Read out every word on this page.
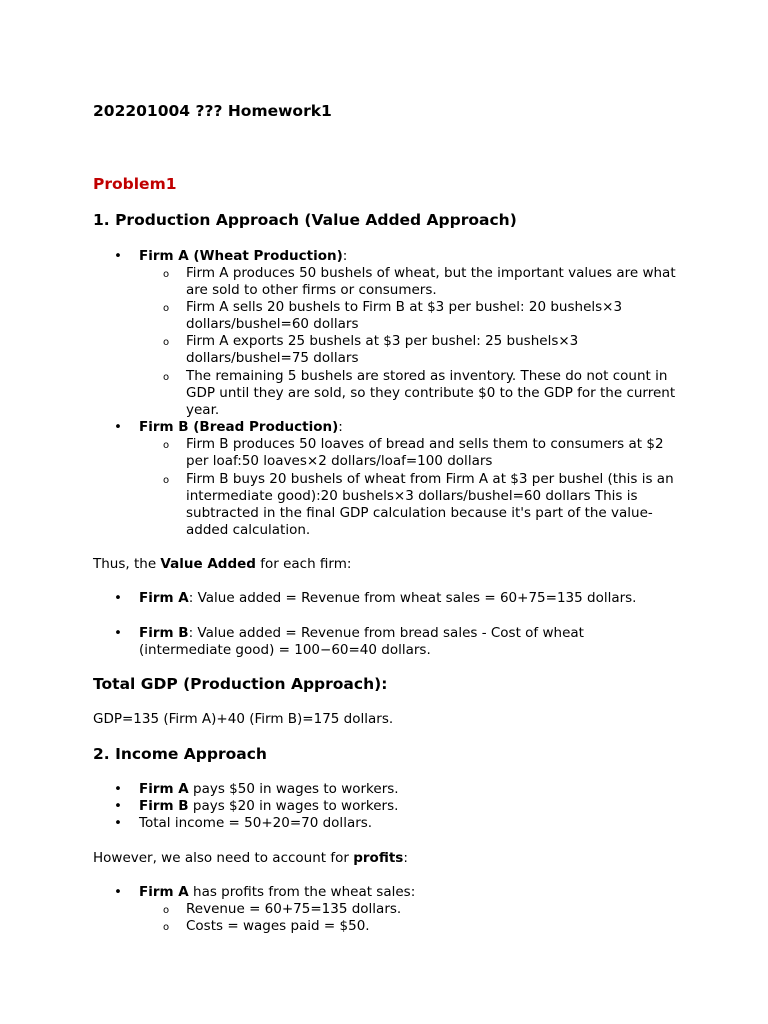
202201004 ??? Homework1
Problem1
1. Production Approach (Value Added Approach)
• Firm A (Wheat Production):
o Firm A produces 50 bushels of wheat, but the important values are what are sold to other firms or consumers.
o Firm A sells 20 bushels to Firm B at $3 per bushel: 20 bushels×3 dollars/bushel=60 dollars
o Firm A exports 25 bushels at $3 per bushel: 25 bushels×3 dollars/bushel=75 dollars
o The remaining 5 bushels are stored as inventory. These do not count in GDP until they are sold, so they contribute $0 to the GDP for the current year.
• Firm B (Bread Production):
o Firm B produces 50 loaves of bread and sells them to consumers at $2 per loaf:50 loaves×2 dollars/loaf=100 dollars
o Firm B buys 20 bushels of wheat from Firm A at $3 per bushel (this is an intermediate good):20 bushels×3 dollars/bushel=60 dollars This is subtracted in the final GDP calculation because it's part of the value-added calculation.
Thus, the Value Added for each firm:
• Firm A: Value added = Revenue from wheat sales = 60+75=135 dollars.
• Firm B: Value added = Revenue from bread sales - Cost of wheat (intermediate good) = 100−60=40 dollars.
Total GDP (Production Approach):
GDP=135 (Firm A)+40 (Firm B)=175 dollars.
2. Income Approach
• Firm A pays $50 in wages to workers.
• Firm B pays $20 in wages to workers.
• Total income = 50+20=70 dollars.
However, we also need to account for profits:
• Firm A has profits from the wheat sales:
o Revenue = 60+75=135 dollars.
o Costs = wages paid = $50.
